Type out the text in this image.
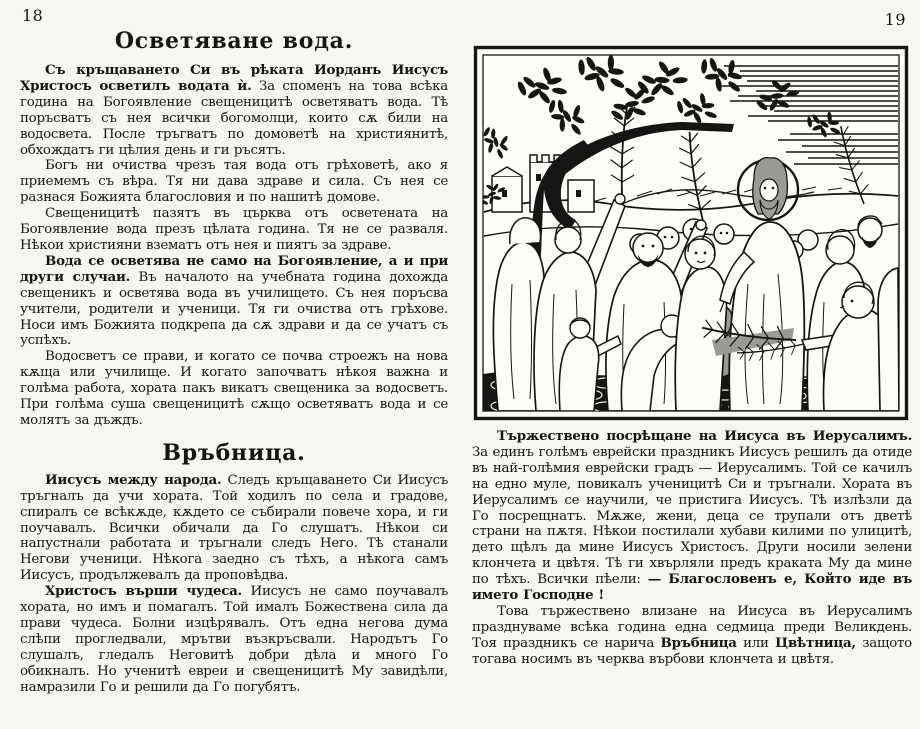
18	19
Осветяване вода.

Съ кръщаването Си въ рѣката Иорданъ Иисусъ Христосъ осветилъ водата ѝ. За споменъ на това всѣка година на Богоявление свещеницитѣ осветяватъ вода. Тѣ поръсватъ съ нея всички богомолци, които сѫ били на водосвета. После тръгватъ по домоветѣ на християнитѣ, обхождатъ ги цѣлия день и ги ръсятъ.

Богъ ни очиства чрезъ тая вода отъ грѣховетѣ, ако я приемемъ съ вѣра. Тя ни дава здраве и сила. Съ нея се разнася Божията благословия и по нашитѣ домове.

Свещеницитѣ пазятъ въ църква отъ осветената на Богоявление вода презъ цѣлата година. Тя не се разваля. Нѣкои християни взематъ отъ нея и пиятъ за здраве.

Вода се осветява не само на Богоявление, а и при други случаи. Въ началото на учебната година дохожда свещеникъ и осветява вода въ училището. Съ нея поръсва учители, родители и ученици. Тя ги очиства отъ грѣхове. Носи имъ Божията подкрепа да сѫ здрави и да се учатъ съ успѣхъ.

Водосветъ се прави, и когато се почва строежъ на нова кѫща или училище. И когато започватъ нѣкоя важна и голѣма работа, хората пакъ викатъ свещеника за водосветъ. При голѣма суша свещеницитѣ сѫщо осветяватъ вода и се молятъ за дъждъ.

Връбница.

Иисусъ между народа. Следъ кръщаването Си Иисусъ тръгналъ да учи хората. Той ходилъ по села и градове, спиралъ се всѣкѫде, кѫдето се събирали повече хора, и ги поучавалъ. Всички обичали да Го слушатъ. Нѣкои си напустнали работата и тръгнали следъ Него. Тѣ станали Негови ученици. Нѣкога заедно съ тѣхъ, а нѣкога самъ Иисусъ, продължевалъ да проповѣдва.

Христосъ върши чудеса. Иисусъ не само поучавалъ хората, но имъ и помагалъ. Той ималъ Божествена сила да прави чудеса. Болни изцѣрявалъ. Отъ една негова дума слѣпи прогледвали, мрътви възкръсвали. Народътъ Го слушалъ, гледалъ Неговитѣ добри дѣла и много Го обикналъ. Но ученитѣ евреи и свещеницитѣ Му завидѣли, намразили Го и решили да Го погубятъ.

Тържествено посрѣщане на Иисуса въ Иерусалимъ. За единъ голѣмъ еврейски праздникъ Иисусъ решилъ да отиде въ най-голѣмия еврейски градъ — Иерусалимъ. Той се качилъ на едно муле, повикалъ ученицитѣ Си и тръгнали. Хората въ Иерусалимъ се научили, че пристига Иисусъ. Тѣ излѣзли да Го посрещнатъ. Мѫже, жени, деца се трупали отъ дветѣ страни на пѫтя. Нѣкои постилали хубави килими по улицитѣ, дето щѣлъ да мине Иисусъ Христосъ. Други носили зелени клончета и цвѣтя. Тѣ ги хвърляли предъ краката Му да мине по тѣхъ. Всички пѣели: — Благословенъ е, Който иде въ името Господне !

Това тържествено влизане на Иисуса въ Иерусалимъ празднуваме всѣка година една седмица преди Великдень. Тоя праздникъ се нарича Връбница или Цвѣтница, защото тогава носимъ въ черква върбови клончета и цвѣтя.
